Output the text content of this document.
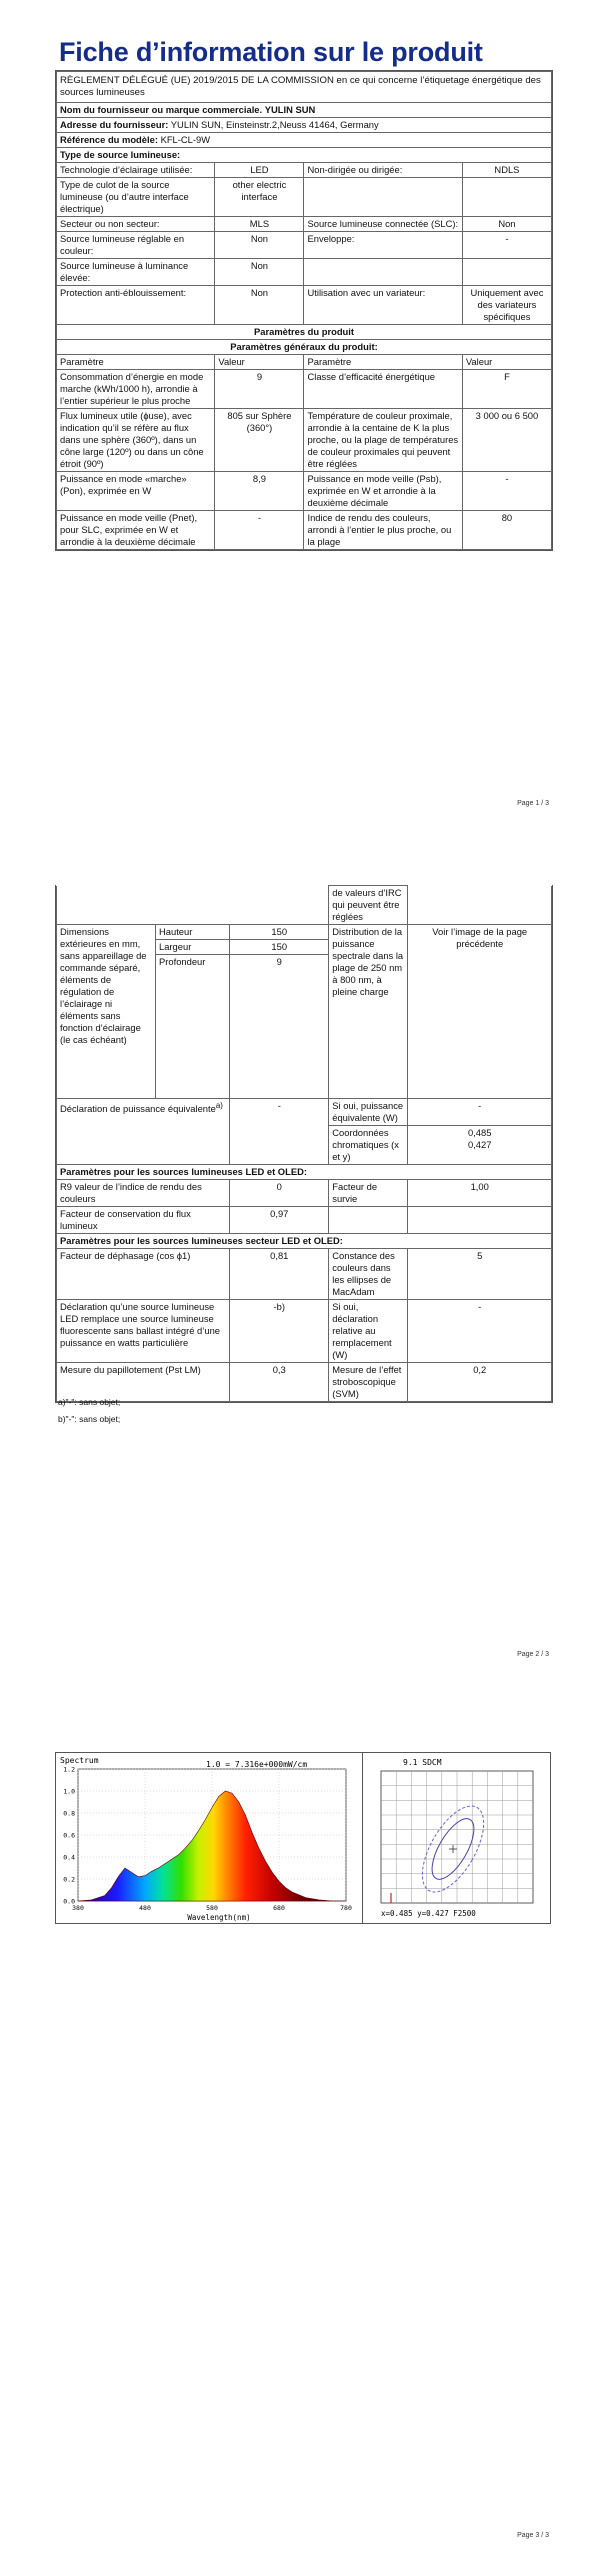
Fiche d’information sur le produit
RÈGLEMENT DÉLÉGUÉ (UE) 2019/2015 DE LA COMMISSION en ce qui concerne l’étiquetage énergétique des sources lumineuses			
Nom du fournisseur ou marque commerciale. YULIN SUN			
Adresse du fournisseur: YULIN SUN, Einsteinstr.2,Neuss 41464, Germany			
Référence du modèle: KFL-CL-9W			
Type de source lumineuse:			
Technologie d’éclairage utilisée:	LED	Non-dirigée ou dirigée:	NDLS
Type de culot de la source lumineuse (ou d’autre interface électrique)	other electric interface		
Secteur ou non secteur:	MLS	Source lumineuse connectée (SLC):	Non
Source lumineuse réglable en couleur:	Non	Enveloppe:	-
Source lumineuse à luminance élevée:	Non		
Protection anti-éblouissement:	Non	Utilisation avec un variateur:	Uniquement avec des variateurs spécifiques
Paramètres du produit			
Paramètres généraux du produit:			
Paramètre	Valeur	Paramètre	Valeur
Consommation d’énergie en mode marche (kWh/1000 h), arrondie à l’entier supérieur le plus proche	9	Classe d’efficacité énergétique	F
Flux lumineux utile (ɸuse), avec indication qu’il se réfère au flux dans une sphère (360º), dans un cône large (120º) ou dans un cône étroit (90º)	805 sur Sphère (360°)	Température de couleur proximale, arrondie à la centaine de K la plus proche, ou la plage de températures de couleur proximales qui peuvent être réglées	3 000 ou 6 500
Puissance en mode «marche» (Pon), exprimée en W	8,9	Puissance en mode veille (Psb), exprimée en W et arrondie à la deuxième décimale	-
Puissance en mode veille (Pnet), pour SLC, exprimée en W et arrondie à la deuxième décimale	-	Indice de rendu des couleurs, arrondi à l’entier le plus proche, ou la plage	80
Page 1 / 3
			de valeurs d’IRC qui peuvent être réglées	
Dimensions extérieures en mm, sans appareillage de commande séparé, éléments de régulation de l’éclairage ni éléments sans fonction d’éclairage (le cas échéant)	Hauteur	150	Distribution de la puissance spectrale dans la plage de 250 nm à 800 nm, à pleine charge	Voir l’image de la page précédente
	Largeur	150		
	Profondeur	9		
Déclaration de puissance équivalente$^{a)}$		-	Si oui, puissance équivalente (W)	-
			Coordonnées chromatiques (x et y)	0,485
0,427

Paramètres pour les sources lumineuses LED et OLED:				
R9 valeur de l’indice de rendu des couleurs		0	Facteur de survie	1,00
Facteur de conservation du flux lumineux		0,97		
Paramètres pour les sources lumineuses secteur LED et OLED:				
Facteur de déphasage (cos ϕ1)		0,81	Constance des couleurs dans les ellipses de MacAdam	5
Déclaration qu’une source lumineuse LED remplace une source lumineuse fluorescente sans ballast intégré d’une puissance en watts particulière		-b)	Si oui, déclaration relative au remplacement (W)	-
Mesure du papillotement (Pst LM)		0,3	Mesure de l’effet stroboscopique (SVM)	0,2
a)"-": sans objet;
b)"-": sans objet;
Page 2 / 3
Spectrum	1.0 = 7.316e+000mW/cm
0.0
0.2
0.4
0.6
0.8
1.0
1.2
380	480	580	680	780
Wavelength(nm)
9.1 SDCM
x=0.485 y=0.427 F2500
Page 3 / 3
